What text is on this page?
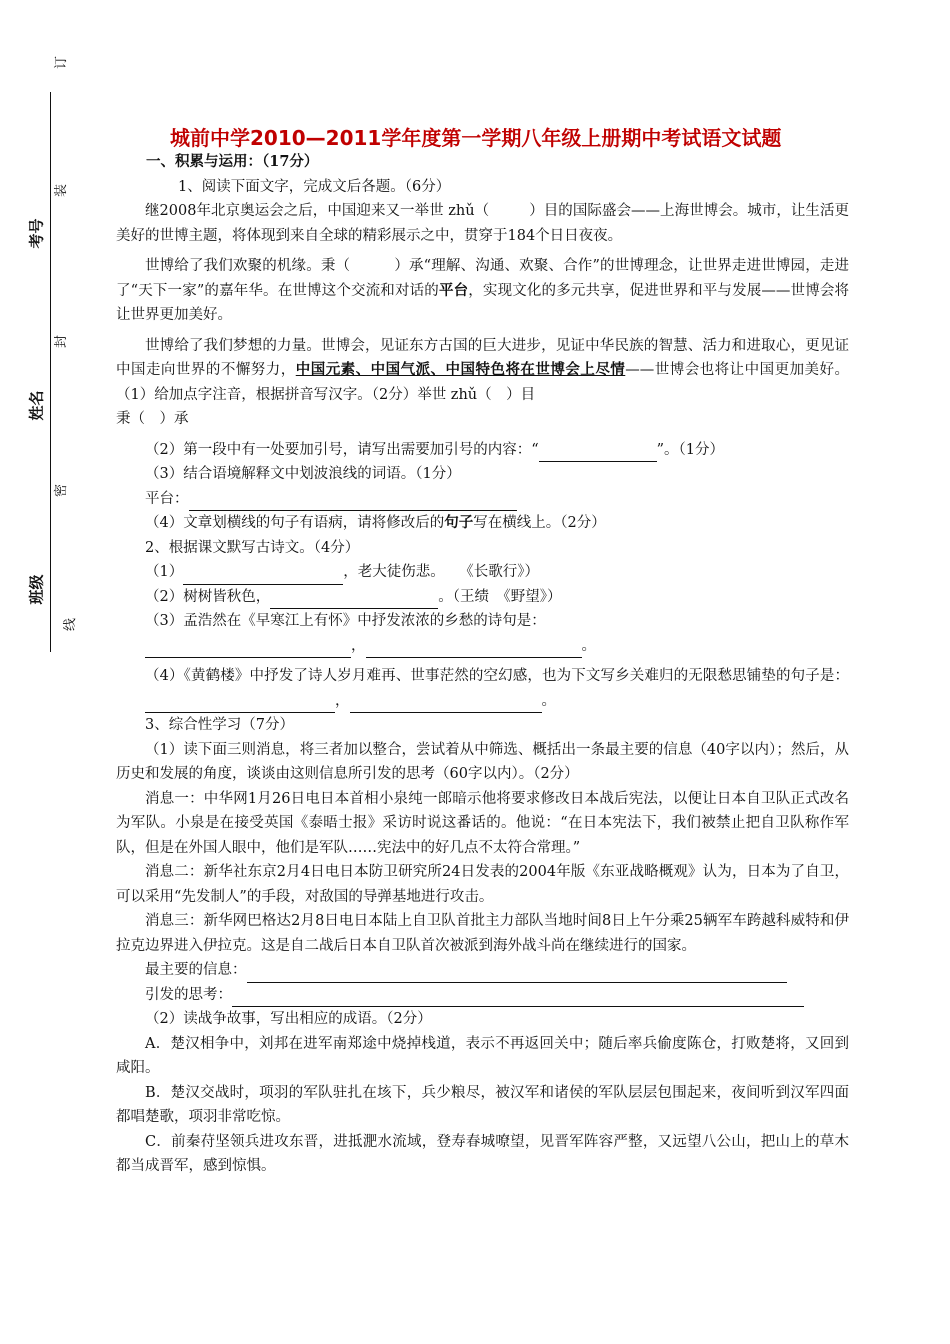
订
装
考号
封
姓名
密
班级
线
城前中学2010—2011学年度第一学期八年级上册期中考试语文试题

一、积累与运用：（17分）

1、阅读下面文字，完成文后各题。（6分）

继2008年北京奥运会之后，中国迎来又一举世 zhǔ（	）目的国际盛会——上海世博会。城市，让生活更美好的世博主题，将体现到来自全球的精彩展示之中，贯穿于184个日日夜夜。

世博给了我们欢聚的机缘。秉（	）承“理解、沟通、欢聚、合作”的世博理念，让世界走进世博园，走进了“天下一家”的嘉年华。在世博这个交流和对话的平台，实现文化的多元共享，促进世界和平与发展——世博会将让世界更加美好。

世博给了我们梦想的力量。世博会，见证东方古国的巨大进步，见证中华民族的智慧、活力和进取心，更见证中国走向世界的不懈努力，中国元素、中国气派、中国特色将在世博会上尽情——世博会也将让中国更加美好。（1）给加点字注音，根据拼音写汉字。（2分）举世 zhǔ（　）目

秉（　）承

（2）第一段中有一处要加引号，请写出需要加引号的内容：“	”。（1分）

（3）结合语境解释文中划波浪线的词语。（1分）

平台：

（4）文章划横线的句子有语病，请将修改后的句子写在横线上。（2分）

2、根据课文默写古诗文。（4分）

（1）	，老大徒伤悲。　　《长歌行》）

（2）树树皆秋色，	。（王绩　《野望》）

（3）孟浩然在《早寒江上有怀》中抒发浓浓的乡愁的诗句是：

，	。

（4）《黄鹤楼》中抒发了诗人岁月难再、世事茫然的空幻感，也为下文写乡关难归的无限愁思铺垫的句子是：，	。

3、综合性学习（7分）

（1）读下面三则消息，将三者加以整合，尝试着从中筛选、概括出一条最主要的信息（40字以内）；然后，从历史和发展的角度，谈谈由这则信息所引发的思考（60字以内）。（2分）

消息一：中华网1月26日电日本首相小泉纯一郎暗示他将要求修改日本战后宪法，以便让日本自卫队正式改名为军队。小泉是在接受英国《泰晤士报》采访时说这番话的。他说：“在日本宪法下，我们被禁止把自卫队称作军队，但是在外国人眼中，他们是军队……宪法中的好几点不太符合常理。”

消息二：新华社东京2月4日电日本防卫研究所24日发表的2004年版《东亚战略概观》认为，日本为了自卫，可以采用“先发制人”的手段，对敌国的导弹基地进行攻击。

消息三：新华网巴格达2月8日电日本陆上自卫队首批主力部队当地时间8日上午分乘25辆军车跨越科威特和伊拉克边界进入伊拉克。这是自二战后日本自卫队首次被派到海外战斗尚在继续进行的国家。

最主要的信息：

引发的思考：

（2）读战争故事，写出相应的成语。（2分）

A．楚汉相争中，刘邦在进军南郑途中烧掉栈道，表示不再返回关中；随后率兵偷度陈仓，打败楚将，又回到咸阳。

B．楚汉交战时，项羽的军队驻扎在垓下，兵少粮尽，被汉军和诸侯的军队层层包围起来，夜间听到汉军四面都唱楚歌，项羽非常吃惊。

C．前秦苻坚领兵进攻东晋，进抵淝水流域，登寿春城嘹望，见晋军阵容严整，又远望八公山，把山上的草木都当成晋军，感到惊惧。
